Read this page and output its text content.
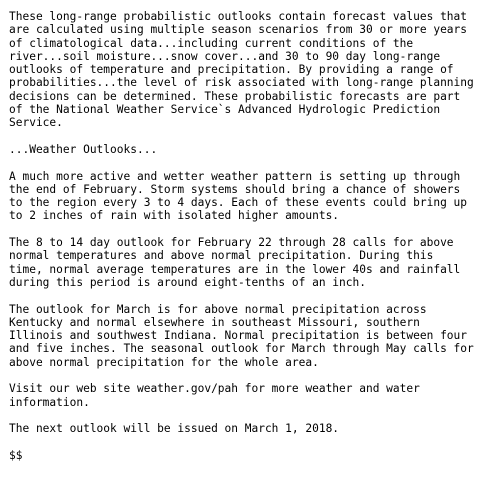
These long-range probabilistic outlooks contain forecast values that
are calculated using multiple season scenarios from 30 or more years
of climatological data...including current conditions of the
river...soil moisture...snow cover...and 30 to 90 day long-range
outlooks of temperature and precipitation. By providing a range of
probabilities...the level of risk associated with long-range planning
decisions can be determined. These probabilistic forecasts are part
of the National Weather Service`s Advanced Hydrologic Prediction
Service.
...Weather Outlooks...
A much more active and wetter weather pattern is setting up through
the end of February. Storm systems should bring a chance of showers
to the region every 3 to 4 days. Each of these events could bring up
to 2 inches of rain with isolated higher amounts.
The 8 to 14 day outlook for February 22 through 28 calls for above
normal temperatures and above normal precipitation. During this
time, normal average temperatures are in the lower 40s and rainfall
during this period is around eight-tenths of an inch.
The outlook for March is for above normal precipitation across
Kentucky and normal elsewhere in southeast Missouri, southern
Illinois and southwest Indiana. Normal precipitation is between four
and five inches. The seasonal outlook for March through May calls for
above normal precipitation for the whole area.
Visit our web site weather.gov/pah for more weather and water
information.
The next outlook will be issued on March 1, 2018.
$$
